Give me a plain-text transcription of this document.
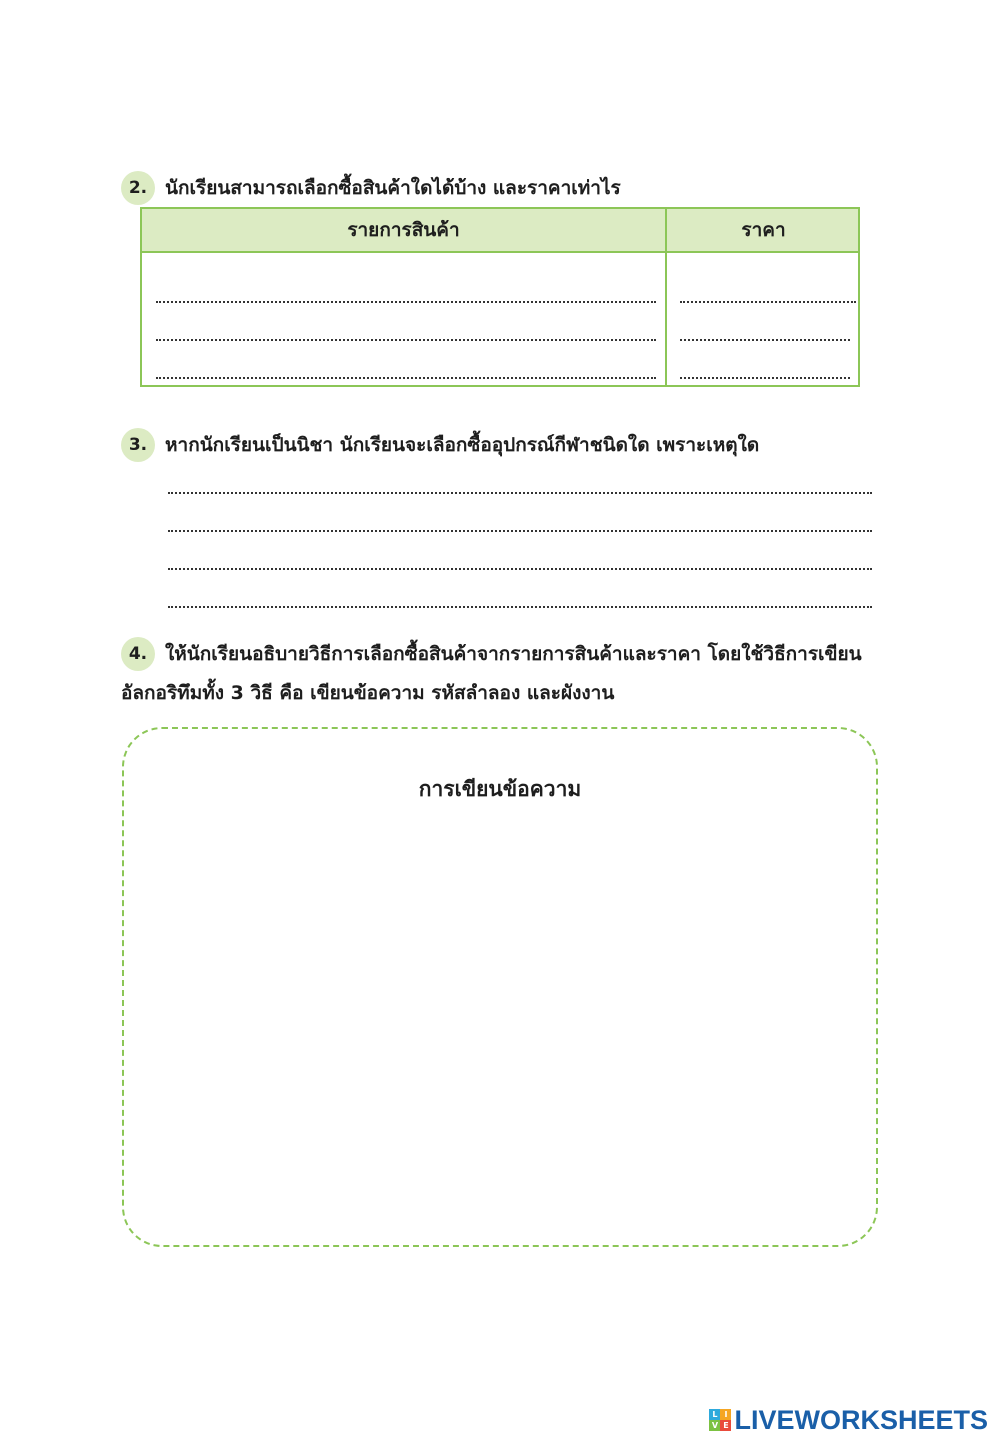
2. นักเรียนสามารถเลือกซื้อสินค้าใดได้บ้าง และราคาเท่าไร
รายการสินค้า	ราคา
3. หากนักเรียนเป็นนิชา นักเรียนจะเลือกซื้ออุปกรณ์กีฬาชนิดใด เพราะเหตุใด
4. ให้นักเรียนอธิบายวิธีการเลือกซื้อสินค้าจากรายการสินค้าและราคา โดยใช้วิธีการเขียน
อัลกอริทึมทั้ง 3 วิธี คือ เขียนข้อความ รหัสลำลอง และผังงาน
การเขียนข้อความ
L I
V E LIVEWORKSHEETS
